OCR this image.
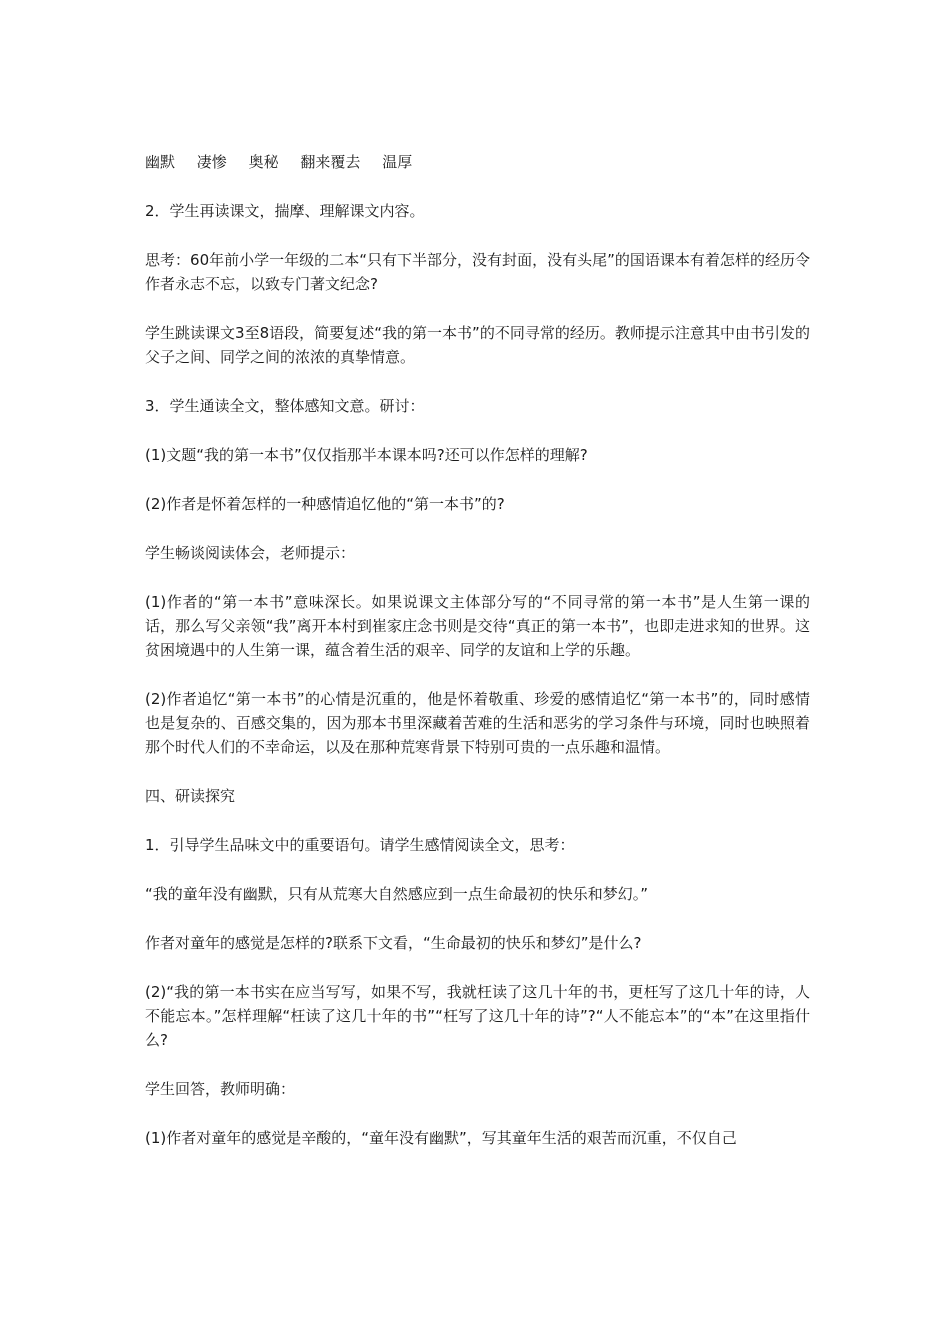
幽默 凄惨 奥秘 翻来覆去 温厚

2．学生再读课文，揣摩、理解课文内容。

思考：60年前小学一年级的二本“只有下半部分，没有封面，没有头尾”的国语课本有着怎样的经历令作者永志不忘，以致专门著文纪念?

学生跳读课文3至8语段，简要复述“我的第一本书”的不同寻常的经历。教师提示注意其中由书引发的父子之间、同学之间的浓浓的真挚情意。

3．学生通读全文，整体感知文意。研讨：

(1)文题“我的第一本书”仅仅指那半本课本吗?还可以作怎样的理解?

(2)作者是怀着怎样的一种感情追忆他的“第一本书”的?

学生畅谈阅读体会，老师提示：

(1)作者的“第一本书”意味深长。如果说课文主体部分写的“不同寻常的第一本书”是人生第一课的话，那么写父亲领“我”离开本村到崔家庄念书则是交待“真正的第一本书”，也即走进求知的世界。这贫困境遇中的人生第一课，蕴含着生活的艰辛、同学的友谊和上学的乐趣。

(2)作者追忆“第一本书”的心情是沉重的，他是怀着敬重、珍爱的感情追忆“第一本书”的，同时感情也是复杂的、百感交集的，因为那本书里深藏着苦难的生活和恶劣的学习条件与环境，同时也映照着那个时代人们的不幸命运，以及在那种荒寒背景下特别可贵的一点乐趣和温情。

四、研读探究

1．引导学生品味文中的重要语句。请学生感情阅读全文，思考：

“我的童年没有幽默，只有从荒寒大自然感应到一点生命最初的快乐和梦幻。”

作者对童年的感觉是怎样的?联系下文看，“生命最初的快乐和梦幻”是什么?

(2)“我的第一本书实在应当写写，如果不写，我就枉读了这几十年的书，更枉写了这几十年的诗，人不能忘本。”怎样理解“枉读了这几十年的书”“枉写了这几十年的诗”?“人不能忘本”的“本”在这里指什么?

学生回答，教师明确：

(1)作者对童年的感觉是辛酸的，“童年没有幽默”，写其童年生活的艰苦而沉重，不仅自己
